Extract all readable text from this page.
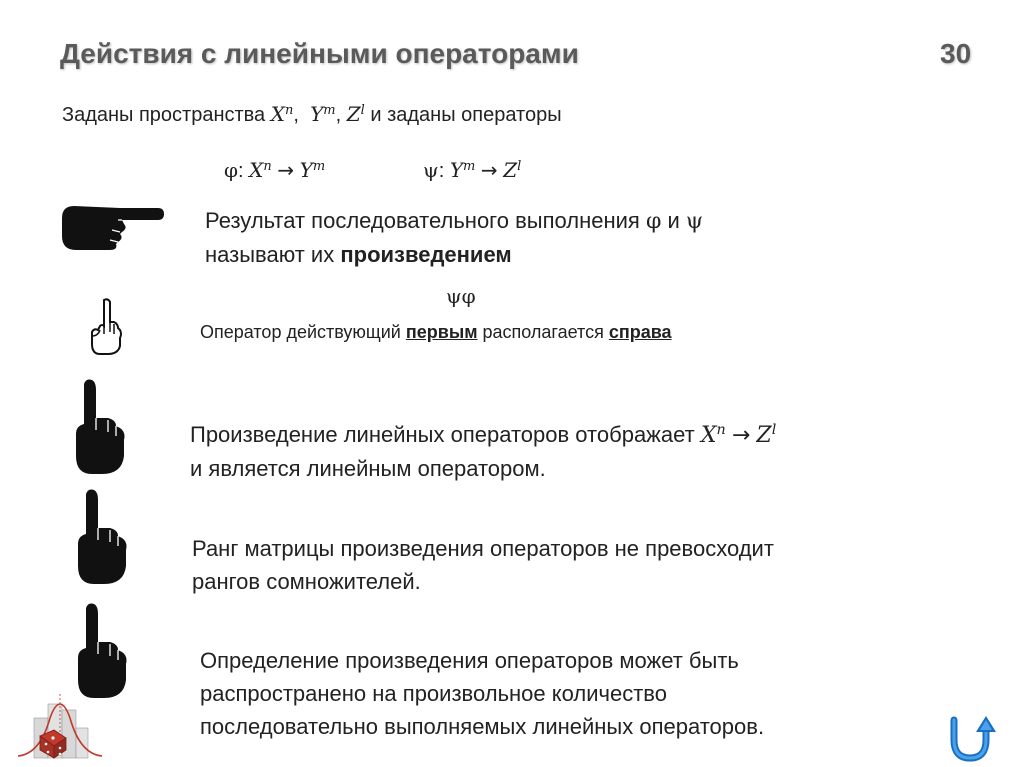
Действия с линейными операторами	30
Заданы пространства $X^n$, $Y^m$, $Z^l$ и заданы операторы
φ: $X^n \to Y^m$	ψ: $Y^m \to Z^l$
Результат последовательного выполнения φ и ψ
называют их произведением
ψφ
Оператор действующий первым располагается справа
Произведение линейных операторов отображает $X^n \to Z^l$
и является линейным оператором.
Ранг матрицы произведения операторов не превосходит
рангов сомножителей.
Определение произведения операторов может быть
распространено на произвольное количество
последовательно выполняемых линейных операторов.
